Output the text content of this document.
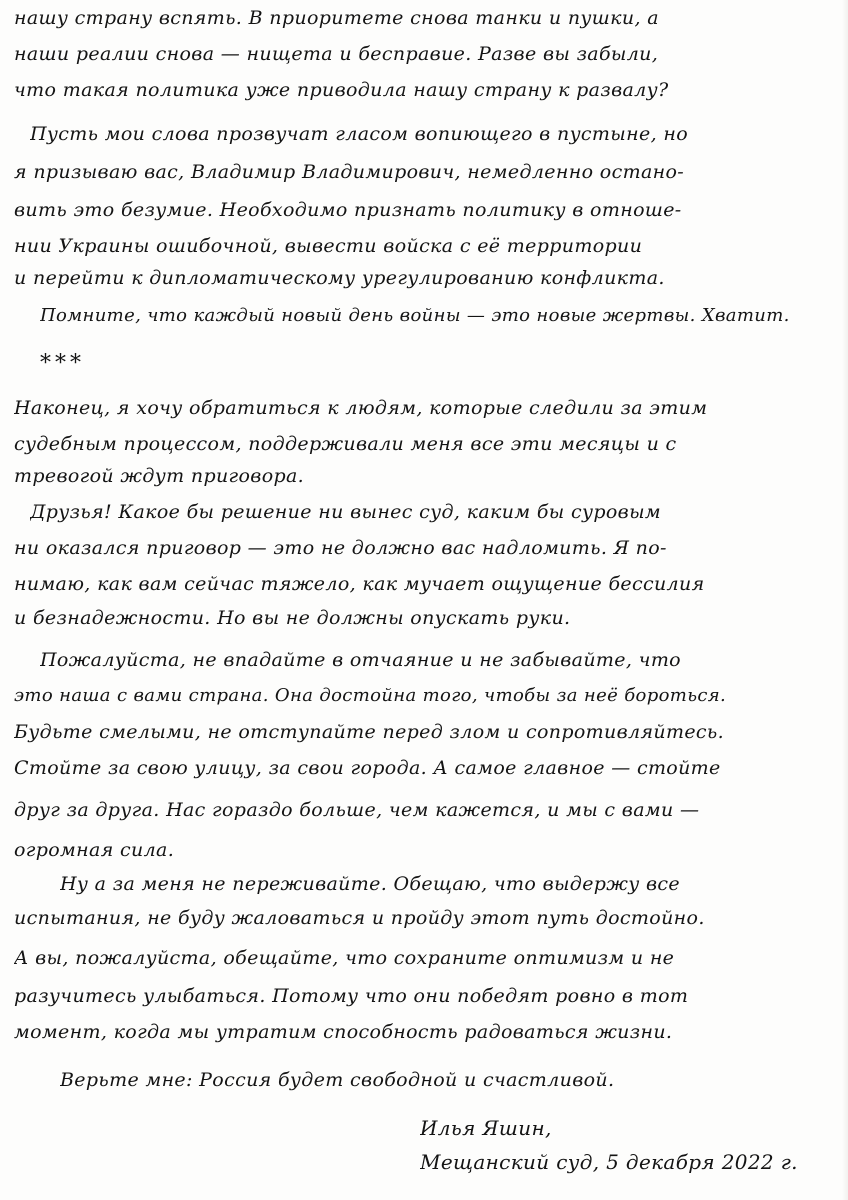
нашу страну вспять. В приоритете снова танки и пушки, а
наши реалии снова — нищета и бесправие. Разве вы забыли,
что такая политика уже приводила нашу страну к развалу?
Пусть мои слова прозвучат гласом вопиющего в пустыне, но
я призываю вас, Владимир Владимирович, немедленно остано-
вить это безумие. Необходимо признать политику в отноше-
нии Украины ошибочной, вывести войска с её территории
и перейти к дипломатическому урегулированию конфликта.
Помните, что каждый новый день войны — это новые жертвы. Хватит.
***
Наконец, я хочу обратиться к людям, которые следили за этим
судебным процессом, поддерживали меня все эти месяцы и с
тревогой ждут приговора.
Друзья! Какое бы решение ни вынес суд, каким бы суровым
ни оказался приговор — это не должно вас надломить. Я по-
нимаю, как вам сейчас тяжело, как мучает ощущение бессилия
и безнадежности. Но вы не должны опускать руки.
Пожалуйста, не впадайте в отчаяние и не забывайте, что
это наша с вами страна. Она достойна того, чтобы за неё бороться.
Будьте смелыми, не отступайте перед злом и сопротивляйтесь.
Стойте за свою улицу, за свои города. А самое главное — стойте
друг за друга. Нас гораздо больше, чем кажется, и мы с вами —
огромная сила.
Ну а за меня не переживайте. Обещаю, что выдержу все
испытания, не буду жаловаться и пройду этот путь достойно.
А вы, пожалуйста, обещайте, что сохраните оптимизм и не
разучитесь улыбаться. Потому что они победят ровно в тот
момент, когда мы утратим способность радоваться жизни.
Верьте мне: Россия будет свободной и счастливой.
Илья Яшин,
Мещанский суд, 5 декабря 2022 г.
